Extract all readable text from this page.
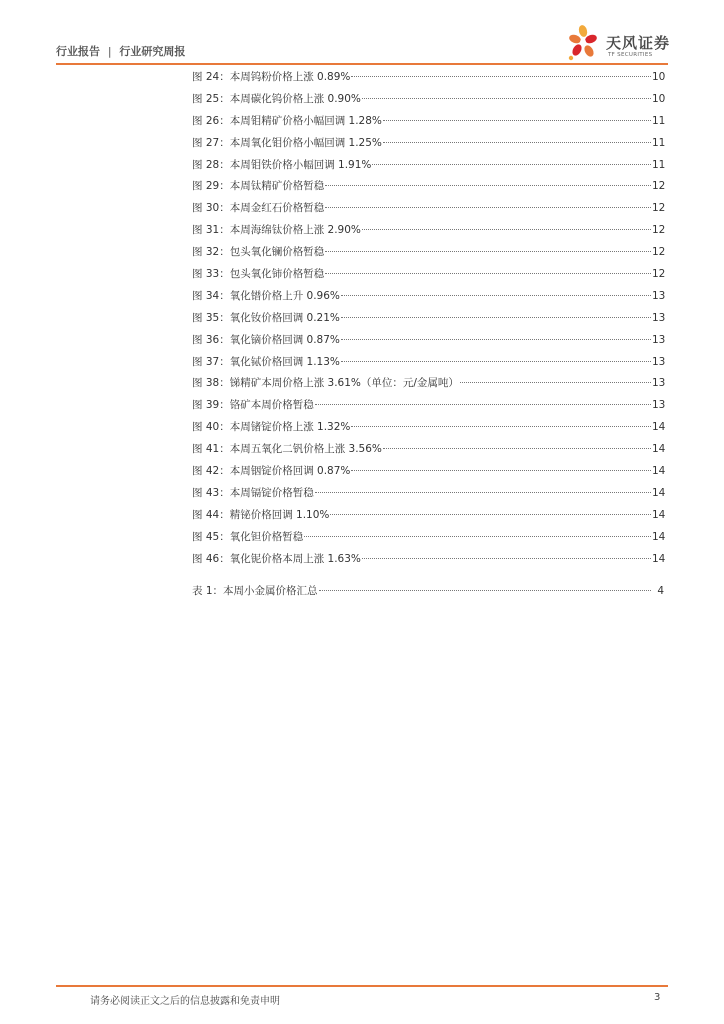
行业报告 | 行业研究周报	天风证券
TF SECURITIES
图 24：本周钨粉价格上涨 0.89%	10
图 25：本周碳化钨价格上涨 0.90%	10
图 26：本周钼精矿价格小幅回调 1.28%	11
图 27：本周氧化钼价格小幅回调 1.25%	11
图 28：本周钼铁价格小幅回调 1.91%	11
图 29：本周钛精矿价格暂稳	12
图 30：本周金红石价格暂稳	12
图 31：本周海绵钛价格上涨 2.90%	12
图 32：包头氧化镧价格暂稳	12
图 33：包头氧化铈价格暂稳	12
图 34：氧化镨价格上升 0.96%	13
图 35：氧化钕价格回调 0.21%	13
图 36：氧化镝价格回调 0.87%	13
图 37：氧化铽价格回调 1.13%	13
图 38：锑精矿本周价格上涨 3.61%（单位：元/金属吨）	13
图 39：铬矿本周价格暂稳	13
图 40：本周锗锭价格上涨 1.32%	14
图 41：本周五氧化二钒价格上涨 3.56%	14
图 42：本周铟锭价格回调 0.87%	14
图 43：本周镉锭价格暂稳	14
图 44：精铋价格回调 1.10%	14
图 45：氧化钽价格暂稳	14
图 46：氧化铌价格本周上涨 1.63%	14
表 1：本周小金属价格汇总	4
请务必阅读正文之后的信息披露和免责申明	3
